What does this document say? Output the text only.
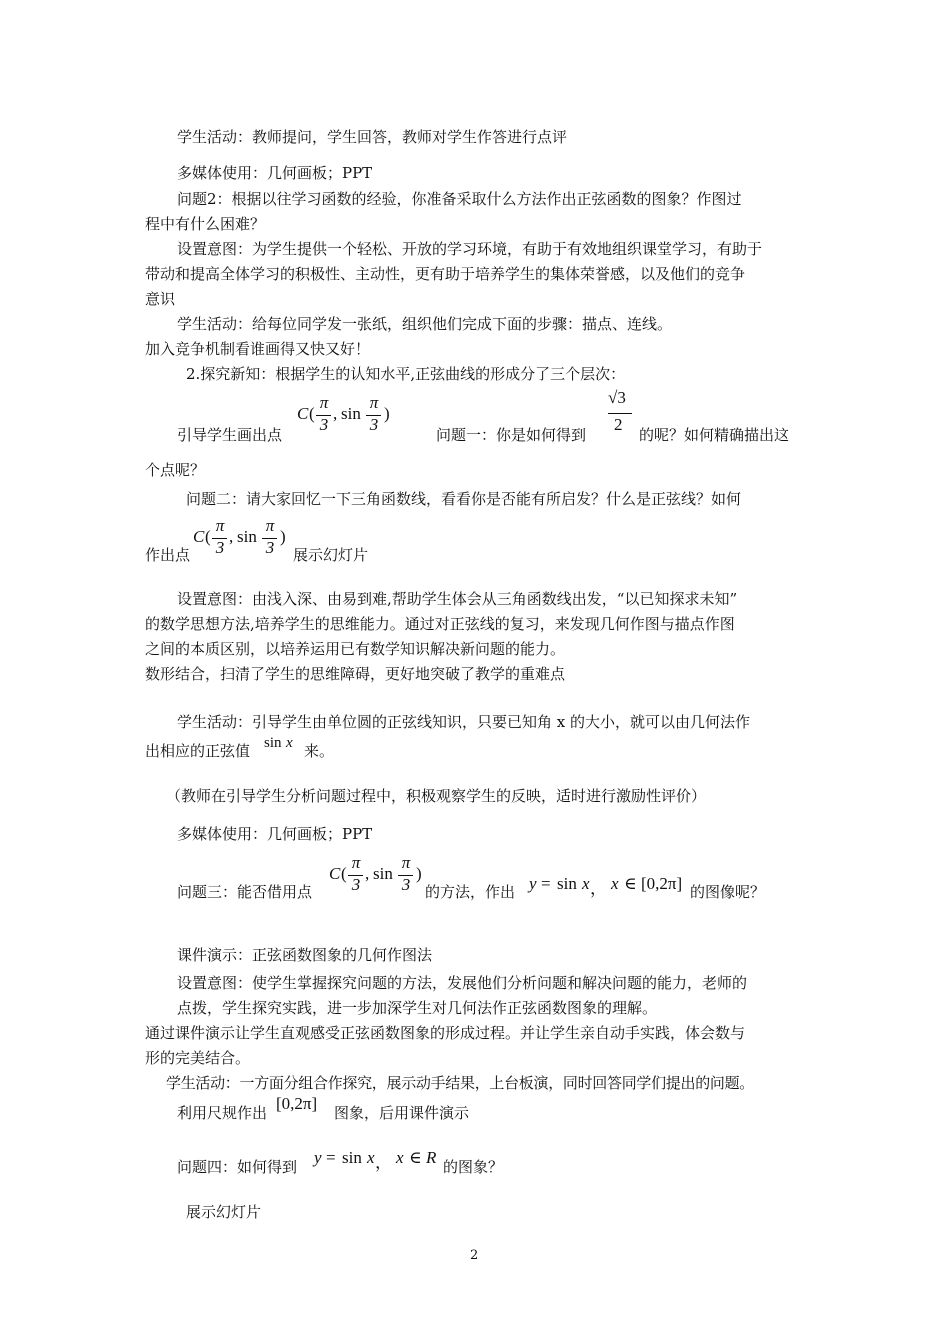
学生活动：教师提问，学生回答，教师对学生作答进行点评
多媒体使用：几何画板；PPT
问题2：根据以往学习函数的经验，你准备采取什么方法作出正弦函数的图象？作图过
程中有什么困难？
设置意图：为学生提供一个轻松、开放的学习环境，有助于有效地组织课堂学习，有助于
带动和提高全体学习的积极性、主动性，更有助于培养学生的集体荣誉感，以及他们的竞争
意识
学生活动：给每位同学发一张纸，组织他们完成下面的步骤：描点、连线。
加入竞争机制看谁画得又快又好！
2.探究新知：根据学生的认知水平,正弦曲线的形成分了三个层次：
C (
π
3
, sin
π
3
)
引导学生画出点	问题一：你是如何得到
√3
2
的呢？如何精确描出这
个点呢？
问题二：请大家回忆一下三角函数线，看看你是否能有所启发？什么是正弦线？如何
C (
π
3
, sin
π
3
)
作出点	展示幻灯片
设置意图：由浅入深、由易到难,帮助学生体会从三角函数线出发，“以已知探求未知”
的数学思想方法,培养学生的思维能力。通过对正弦线的复习，来发现几何作图与描点作图
之间的本质区别，以培养运用已有数学知识解决新问题的能力。
数形结合，扫清了学生的思维障碍，更好地突破了教学的重难点
学生活动：引导学生由单位圆的正弦线知识，只要已知角 x 的大小，就可以由几何法作
sin x
出相应的正弦值	来。
（教师在引导学生分析问题过程中，积极观察学生的反映，适时进行激励性评价）
多媒体使用：几何画板；PPT
C (
π
3
, sin
π
3
)
问题三：能否借用点	的方法，作出 y = sin x ， x ∈ [0,2π] 的图像呢？
课件演示：正弦函数图象的几何作图法
设置意图：使学生掌握探究问题的方法，发展他们分析问题和解决问题的能力，老师的
点拨，学生探究实践，进一步加深学生对几何法作正弦函数图象的理解。
通过课件演示让学生直观感受正弦函数图象的形成过程。并让学生亲自动手实践，体会数与
形的完美结合。
学生活动：一方面分组合作探究，展示动手结果，上台板演，同时回答同学们提出的问题。
利用尺规作出 [0,2π] 图象，后用课件演示
问题四：如何得到 y = sin x ， x ∈ R 的图象？
展示幻灯片
2
